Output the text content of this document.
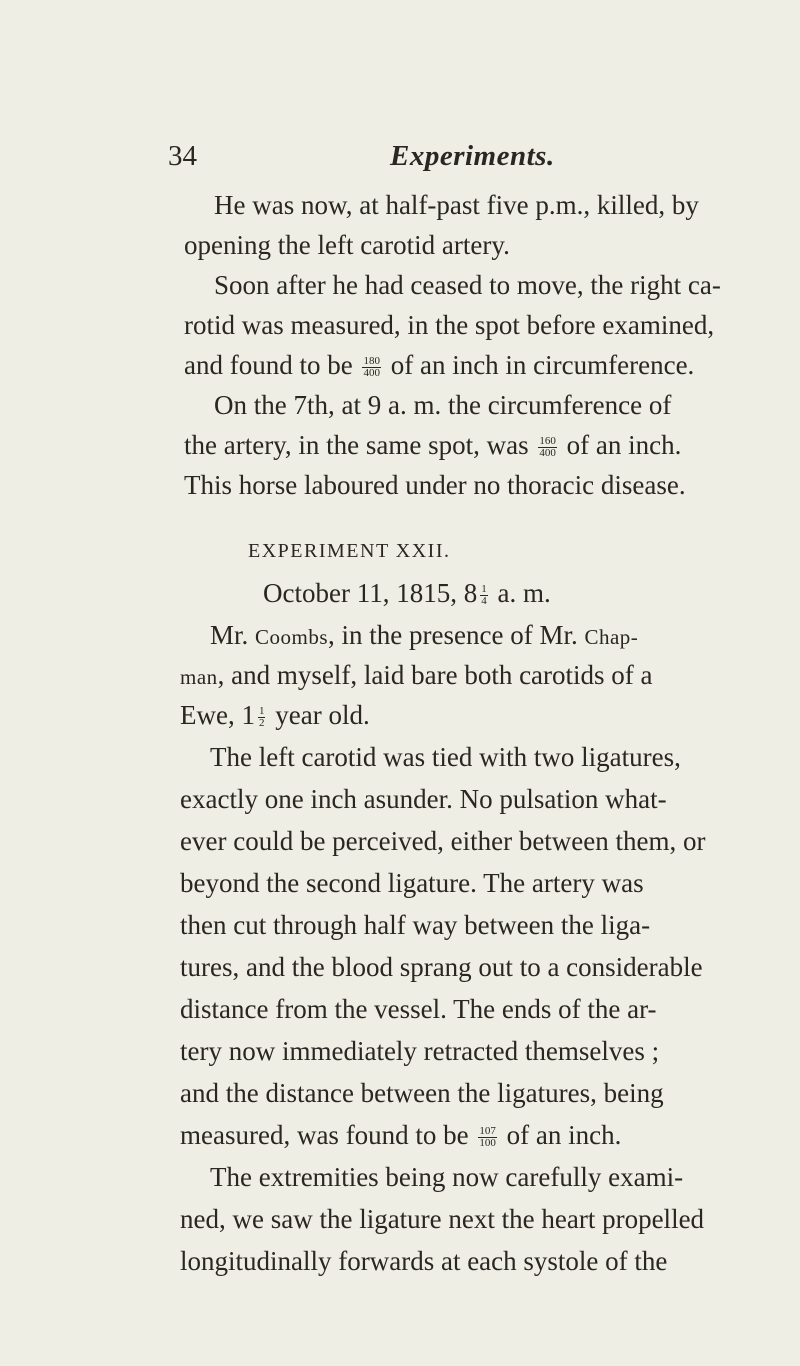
34	Experiments.
He was now, at half-past five p.m., killed, by
opening the left carotid artery.
Soon after he had ceased to move, the right ca-
rotid was measured, in the spot before examined,
and found to be $\frac{180}{400}$ of an inch in circumference.
On the 7th, at 9 a. m. the circumference of
the artery, in the same spot, was $\frac{160}{400}$ of an inch.
This horse laboured under no thoracic disease.
EXPERIMENT XXII.
October 11, 1815, $8 \frac{1}{4} a$. m.
Mr. Coombs, in the presence of Mr. Chap-
man, and myself, laid bare both carotids of a
Ewe, $1 \frac{1}{2}$ year old.
The left carotid was tied with two ligatures,
exactly one inch asunder. No pulsation what-
ever could be perceived, either between them, or
beyond the second ligature. The artery was
then cut through half way between the liga-
tures, and the blood sprang out to a considerable
distance from the vessel. The ends of the ar-
tery now immediately retracted themselves ;
and the distance between the ligatures, being
measured, was found to be $\frac{107}{100}$ of an inch.
The extremities being now carefully exami-
ned, we saw the ligature next the heart propelled
longitudinally forwards at each systole of the
